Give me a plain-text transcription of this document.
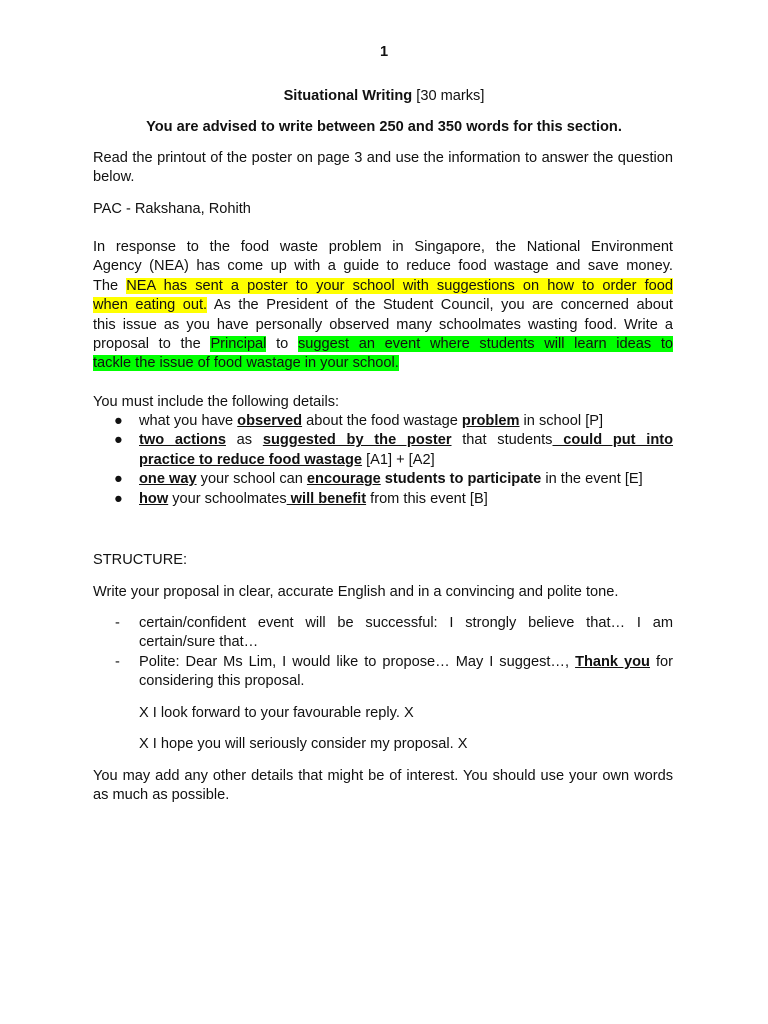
1

Situational Writing [30 marks]

You are advised to write between 250 and 350 words for this section.

Read the printout of the poster on page 3 and use the information to answer the question below.

PAC - Rakshana, Rohith

In response to the food waste problem in Singapore, the National Environment
Agency (NEA) has come up with a guide to reduce food wastage and save money.
The NEA has sent a poster to your school with suggestions on how to order food
when eating out. As the President of the Student Council, you are concerned about
this issue as you have personally observed many schoolmates wasting food. Write a
proposal to the Principal to suggest an event where students will learn ideas to
tackle the issue of food wastage in your school.

You must include the following details:

● what you have observed about the food wastage problem in school [P]
● two actions as suggested by the poster that students could put into
practice to reduce food wastage [A1] + [A2]
● one way your school can encourage students to participate in the event [E]
● how your schoolmates will benefit from this event [B]

STRUCTURE:

Write your proposal in clear, accurate English and in a convincing and polite tone.

- certain/confident event will be successful: I strongly believe that… I am certain/sure that…
- Polite: Dear Ms Lim, I would like to propose… May I suggest…, Thank you for considering this proposal.

X I look forward to your favourable reply. X

X I hope you will seriously consider my proposal. X

You may add any other details that might be of interest. You should use your own words as much as possible.
